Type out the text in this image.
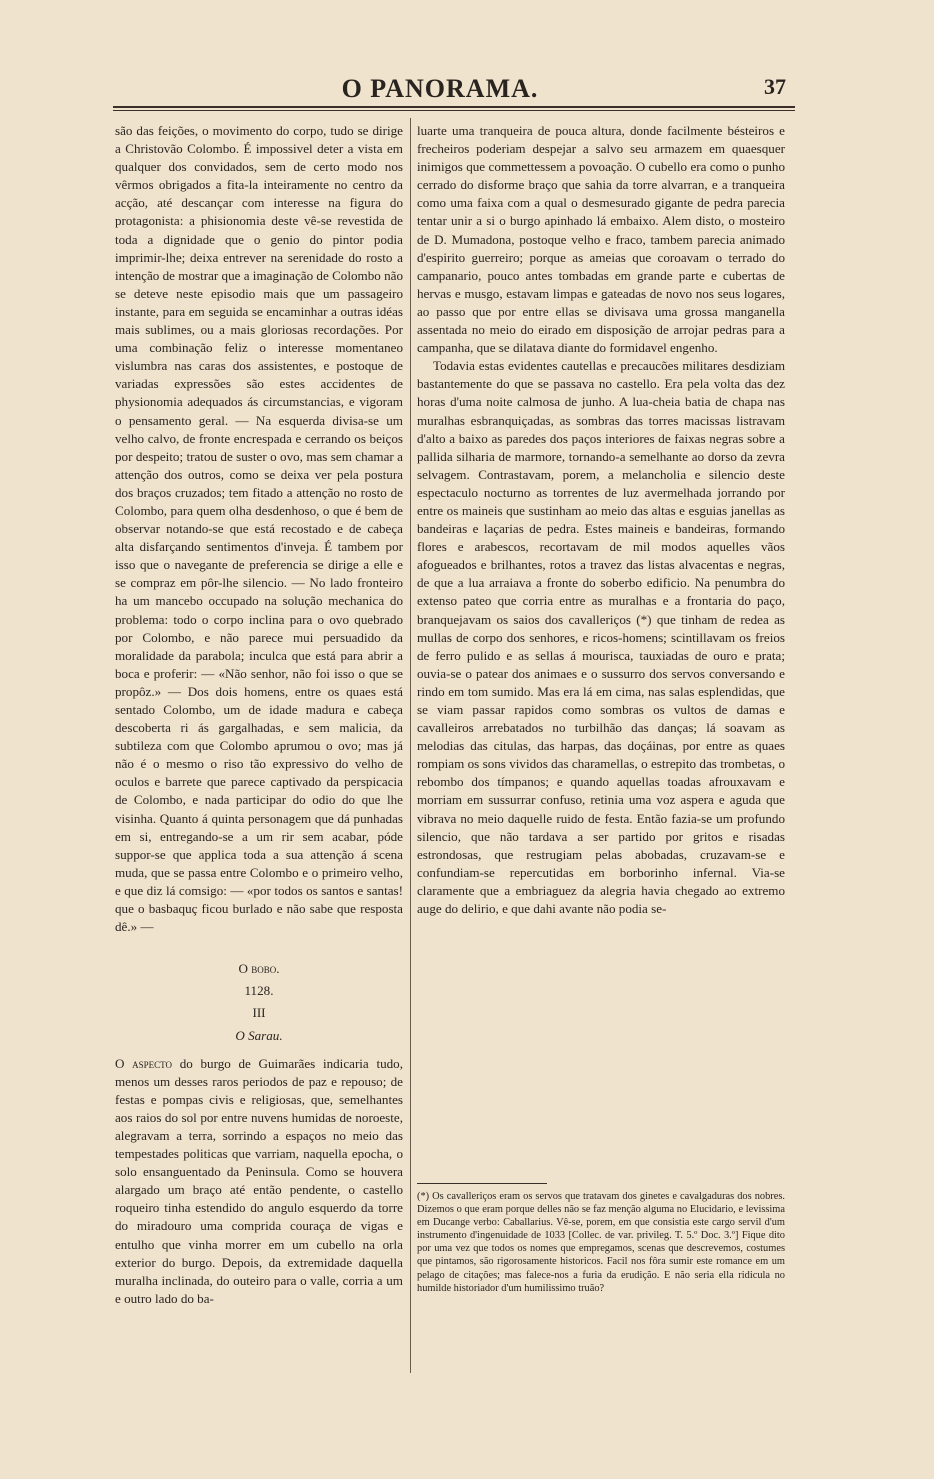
O PANORAMA.	37

são das feições, o movimento do corpo, tudo se dirige a Christovão Colombo. É impossivel deter a vista em qualquer dos convidados, sem de certo modo nos vêrmos obrigados a fita-la inteiramente no centro da acção, até descançar com interesse na figura do protagonista: a phisionomia deste vê-se revestida de toda a dignidade que o genio do pintor podia imprimir-lhe; deixa entrever na serenidade do rosto a intenção de mostrar que a imaginação de Colombo não se deteve neste episodio mais que um passageiro instante, para em seguida se encaminhar a outras idéas mais sublimes, ou a mais gloriosas recordações. Por uma combinação feliz o interesse momentaneo vislumbra nas caras dos assistentes, e postoque de variadas expressões são estes accidentes de physionomia adequados ás circumstancias, e vigoram o pensamento geral. — Na esquerda divisa-se um velho calvo, de fronte encrespada e cerrando os beiços por despeito; tratou de suster o ovo, mas sem chamar a attenção dos outros, como se deixa ver pela postura dos braços cruzados; tem fitado a attenção no rosto de Colombo, para quem olha desdenhoso, o que é bem de observar notando-se que está recostado e de cabeça alta disfarçando sentimentos d'inveja. É tambem por isso que o navegante de preferencia se dirige a elle e se compraz em pôr-lhe silencio. — No lado fronteiro ha um mancebo occupado na solução mechanica do problema: todo o corpo inclina para o ovo quebrado por Colombo, e não parece mui persuadido da moralidade da parabola; inculca que está para abrir a boca e proferir: — «Não senhor, não foi isso o que se propôz.» — Dos dois homens, entre os quaes está sentado Colombo, um de idade madura e cabeça descoberta ri ás gargalhadas, e sem malicia, da subtileza com que Colombo aprumou o ovo; mas já não é o mesmo o riso tão expressivo do velho de oculos e barrete que parece captivado da perspicacia de Colombo, e nada participar do odio do que lhe visinha. Quanto á quinta personagem que dá punhadas em si, entregando-se a um rir sem acabar, póde suppor-se que applica toda a sua attenção á scena muda, que se passa entre Colombo e o primeiro velho, e que diz lá comsigo: — «por todos os santos e santas! que o basbaquç ficou burlado e não sabe que resposta dê.» —

O bobo.

1128.

III

O Sarau.

O aspecto do burgo de Guimarães indicaria tudo, menos um desses raros periodos de paz e repouso; de festas e pompas civis e religiosas, que, semelhantes aos raios do sol por entre nuvens humidas de noroeste, alegravam a terra, sorrindo a espaços no meio das tempestades politicas que varriam, naquella epocha, o solo ensanguentado da Peninsula. Como se houvera alargado um braço até então pendente, o castello roqueiro tinha estendido do angulo esquerdo da torre do miradouro uma comprida couraça de vigas e entulho que vinha morrer em um cubello na orla exterior do burgo. Depois, da extremidade daquella muralha inclinada, do outeiro para o valle, corria a um e outro lado do ba-

luarte uma tranqueira de pouca altura, donde facilmente bésteiros e frecheiros poderiam despejar a salvo seu armazem em quaesquer inimigos que commettessem a povoação. O cubello era como o punho cerrado do disforme braço que sahia da torre alvarran, e a tranqueira como uma faixa com a qual o desmesurado gigante de pedra parecia tentar unir a si o burgo apinhado lá embaixo. Alem disto, o mosteiro de D. Mumadona, postoque velho e fraco, tambem parecia animado d'espirito guerreiro; porque as ameias que coroavam o terrado do campanario, pouco antes tombadas em grande parte e cubertas de hervas e musgo, estavam limpas e gateadas de novo nos seus logares, ao passo que por entre ellas se divisava uma grossa manganella assentada no meio do eirado em disposição de arrojar pedras para a campanha, que se dilatava diante do formidavel engenho.

Todavia estas evidentes cautellas e precaucões militares desdiziam bastantemente do que se passava no castello. Era pela volta das dez horas d'uma noite calmosa de junho. A lua-cheia batia de chapa nas muralhas esbranquiçadas, as sombras das torres macissas listravam d'alto a baixo as paredes dos paços interiores de faixas negras sobre a pallida silharia de marmore, tornando-a semelhante ao dorso da zevra selvagem. Contrastavam, porem, a melancholia e silencio deste espectaculo nocturno as torrentes de luz avermelhada jorrando por entre os maineis que sustinham ao meio das altas e esguias janellas as bandeiras e laçarias de pedra. Estes maineis e bandeiras, formando flores e arabescos, recortavam de mil modos aquelles vãos afogueados e brilhantes, rotos a travez das listas alvacentas e negras, de que a lua arraiava a fronte do soberbo edificio. Na penumbra do extenso pateo que corria entre as muralhas e a frontaria do paço, branquejavam os saios dos cavalleriços (*) que tinham de redea as mullas de corpo dos senhores, e ricos-homens; scintillavam os freios de ferro pulido e as sellas á mourisca, tauxiadas de ouro e prata; ouvia-se o patear dos animaes e o sussurro dos servos conversando e rindo em tom sumido. Mas era lá em cima, nas salas esplendidas, que se viam passar rapidos como sombras os vultos de damas e cavalleiros arrebatados no turbilhão das danças; lá soavam as melodias das citulas, das harpas, das doçáinas, por entre as quaes rompiam os sons vividos das charamellas, o estrepito das trombetas, o rebombo dos tímpanos; e quando aquellas toadas afrouxavam e morriam em sussurrar confuso, retinia uma voz aspera e aguda que vibrava no meio daquelle ruido de festa. Então fazia-se um profundo silencio, que não tardava a ser partido por gritos e risadas estrondosas, que restrugiam pelas abobadas, cruzavam-se e confundiam-se repercutidas em borborinho infernal. Via-se claramente que a embriaguez da alegria havia chegado ao extremo auge do delirio, e que dahi avante não podia se-

(*) Os cavalleriços eram os servos que tratavam dos ginetes e cavalgaduras dos nobres. Dizemos o que eram porque delles não se faz menção alguma no Elucidario, e levissima em Ducange verbo: Caballarius. Vê-se, porem, em que consistia este cargo servil d'um instrumento d'ingenuidade de 1033 [Collec. de var. privileg. T. 5.º Doc. 3.º] Fique dito por uma vez que todos os nomes que empregamos, scenas que descrevemos, costumes que pintamos, são rigorosamente historicos. Facil nos fôra sumir este romance em um pelago de citações; mas falece-nos a furia da erudição. E não seria ella ridicula no humilde historiador d'um humilissimo truão?
